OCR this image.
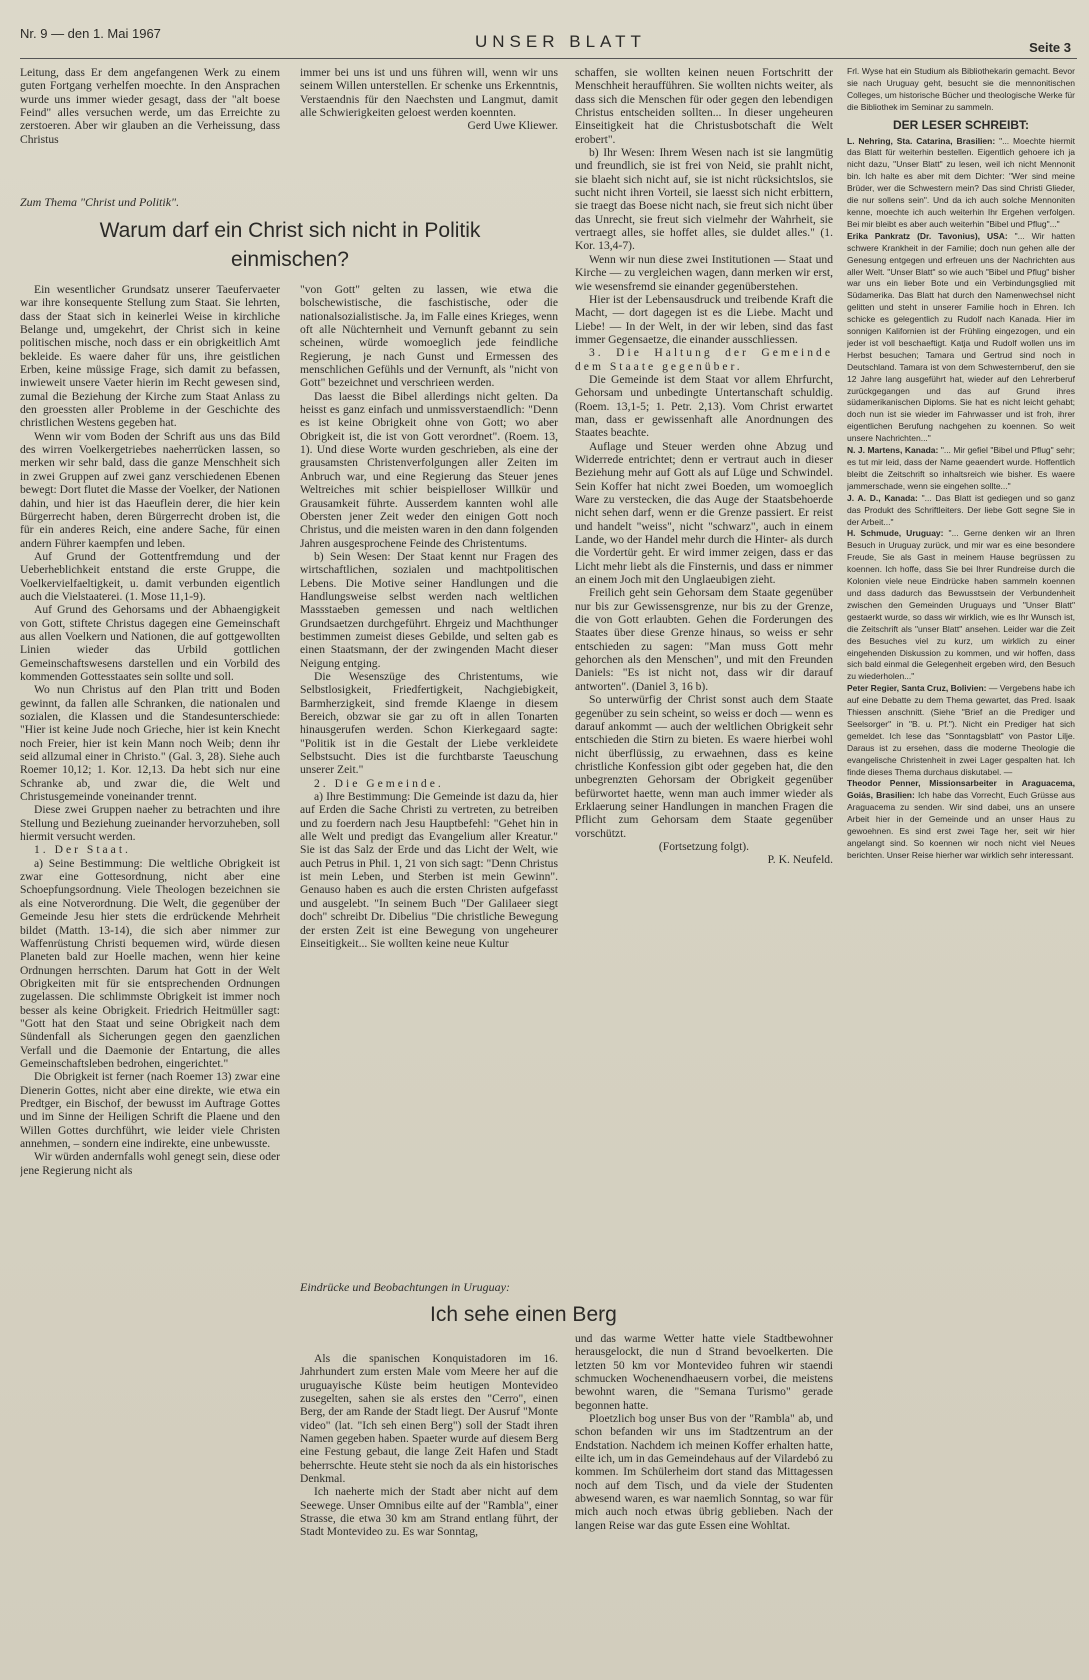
Nr. 9 — den 1. Mai 1967	UNSER BLATT	Seite 3

Leitung, dass Er dem angefangenen Werk zu einem guten Fortgang verhelfen moechte. In den Ansprachen wurde uns immer wieder gesagt, dass der "alt boese Feind" alles versuchen werde, um das Erreichte zu zerstoeren. Aber wir glauben an die Verheissung, dass Christus

immer bei uns ist und uns führen will, wenn wir uns seinem Willen unterstellen. Er schenke uns Erkenntnis, Verstaendnis für den Naechsten und Langmut, damit alle Schwierigkeiten geloest werden koennten.

Gerd Uwe Kliewer.

Zum Thema "Christ und Politik".
Warum darf ein Christ sich nicht in Politik einmischen?

Ein wesentlicher Grundsatz unserer Taeufervaeter war ihre konsequente Stellung zum Staat. Sie lehrten, dass der Staat sich in keinerlei Weise in kirchliche Belange und, umgekehrt, der Christ sich in keine politischen mische, noch dass er ein obrigkeitlich Amt bekleide. Es waere daher für uns, ihre geistlichen Erben, keine müssige Frage, sich damit zu befassen, inwieweit unsere Vaeter hierin im Recht gewesen sind, zumal die Beziehung der Kirche zum Staat Anlass zu den groessten aller Probleme in der Geschichte des christlichen Westens gegeben hat.

Wenn wir vom Boden der Schrift aus uns das Bild des wirren Voelkergetriebes naeherrücken lassen, so merken wir sehr bald, dass die ganze Menschheit sich in zwei Gruppen auf zwei ganz verschiedenen Ebenen bewegt: Dort flutet die Masse der Voelker, der Nationen dahin, und hier ist das Haeuflein derer, die hier kein Bürgerrecht haben, deren Bürgerrecht droben ist, die für ein anderes Reich, eine andere Sache, für einen andern Führer kaempfen und leben.

Auf Grund der Gottentfremdung und der Ueberheblichkeit entstand die erste Gruppe, die Voelkervielfaeltigkeit, u. damit verbunden eigentlich auch die Vielstaaterei. (1. Mose 11,1-9).

Auf Grund des Gehorsams und der Abhaengigkeit von Gott, stiftete Christus dagegen eine Gemeinschaft aus allen Voelkern und Nationen, die auf gottgewollten Linien wieder das Urbild gottlichen Gemeinschaftswesens darstellen und ein Vorbild des kommenden Gottesstaates sein sollte und soll.

Wo nun Christus auf den Plan tritt und Boden gewinnt, da fallen alle Schranken, die nationalen und sozialen, die Klassen und die Standesunterschiede: "Hier ist keine Jude noch Grieche, hier ist kein Knecht noch Freier, hier ist kein Mann noch Weib; denn ihr seid allzumal einer in Christo." (Gal. 3, 28). Siehe auch Roemer 10,12; 1. Kor. 12,13. Da hebt sich nur eine Schranke ab, und zwar die, die Welt und Christusgemeinde voneinander trennt.

Diese zwei Gruppen naeher zu betrachten und ihre Stellung und Beziehung zueinander hervorzuheben, soll hiermit versucht werden.

1. Der Staat.

a) Seine Bestimmung: Die weltliche Obrigkeit ist zwar eine Gottesordnung, nicht aber eine Schoepfungsordnung. Viele Theologen bezeichnen sie als eine Notverordnung. Die Welt, die gegenüber der Gemeinde Jesu hier stets die erdrückende Mehrheit bildet (Matth. 13-14), die sich aber nimmer zur Waffenrüstung Christi bequemen wird, würde diesen Planeten bald zur Hoelle machen, wenn hier keine Ordnungen herrschten. Darum hat Gott in der Welt Obrigkeiten mit für sie entsprechenden Ordnungen zugelassen. Die schlimmste Obrigkeit ist immer noch besser als keine Obrigkeit. Friedrich Heitmüller sagt: "Gott hat den Staat und seine Obrigkeit nach dem Sündenfall als Sicherungen gegen den gaenzlichen Verfall und die Daemonie der Entartung, die alles Gemeinschaftsleben bedrohen, eingerichtet."

Die Obrigkeit ist ferner (nach Roemer 13) zwar eine Dienerin Gottes, nicht aber eine direkte, wie etwa ein Predtger, ein Bischof, der bewusst im Auftrage Gottes und im Sinne der Heiligen Schrift die Plaene und den Willen Gottes durchführt, wie leider viele Christen annehmen, – sondern eine indirekte, eine unbewusste.

Wir würden andernfalls wohl genegt sein, diese oder jene Regierung nicht als

"von Gott" gelten zu lassen, wie etwa die bolschewistische, die faschistische, oder die nationalsozialistische. Ja, im Falle eines Krieges, wenn oft alle Nüchternheit und Vernunft gebannt zu sein scheinen, würde womoeglich jede feindliche Regierung, je nach Gunst und Ermessen des menschlichen Gefühls und der Vernunft, als "nicht von Gott" bezeichnet und verschrieen werden.

Das laesst die Bibel allerdings nicht gelten. Da heisst es ganz einfach und unmissverstaendlich: "Denn es ist keine Obrigkeit ohne von Gott; wo aber Obrigkeit ist, die ist von Gott verordnet". (Roem. 13, 1). Und diese Worte wurden geschrieben, als eine der grausamsten Christenverfolgungen aller Zeiten im Anbruch war, und eine Regierung das Steuer jenes Weltreiches mit schier beispielloser Willkür und Grausamkeit führte. Ausserdem kannten wohl alle Obersten jener Zeit weder den einigen Gott noch Christus, und die meisten waren in den dann folgenden Jahren ausgesprochene Feinde des Christentums.

b) Sein Wesen: Der Staat kennt nur Fragen des wirtschaftlichen, sozialen und machtpolitischen Lebens. Die Motive seiner Handlungen und die Handlungsweise selbst werden nach weltlichen Massstaeben gemessen und nach weltlichen Grundsaetzen durchgeführt. Ehrgeiz und Machthunger bestimmen zumeist dieses Gebilde, und selten gab es einen Staatsmann, der der zwingenden Macht dieser Neigung entging.

Die Wesenszüge des Christentums, wie Selbstlosigkeit, Friedfertigkeit, Nachgiebigkeit, Barmherzigkeit, sind fremde Klaenge in diesem Bereich, obzwar sie gar zu oft in allen Tonarten hinausgerufen werden. Schon Kierkegaard sagte: "Politik ist in die Gestalt der Liebe verkleidete Selbstsucht. Dies ist die furchtbarste Taeuschung unserer Zeit."

2. Die Gemeinde.

a) Ihre Bestimmung: Die Gemeinde ist dazu da, hier auf Erden die Sache Christi zu vertreten, zu betreiben und zu foerdern nach Jesu Hauptbefehl: "Gehet hin in alle Welt und predigt das Evangelium aller Kreatur." Sie ist das Salz der Erde und das Licht der Welt, wie auch Petrus in Phil. 1, 21 von sich sagt: "Denn Christus ist mein Leben, und Sterben ist mein Gewinn". Genauso haben es auch die ersten Christen aufgefasst und ausgelebt. "In seinem Buch "Der Galilaeer siegt doch" schreibt Dr. Dibelius "Die christliche Bewegung der ersten Zeit ist eine Bewegung von ungeheurer Einseitigkeit... Sie wollten keine neue Kultur

schaffen, sie wollten keinen neuen Fortschritt der Menschheit heraufführen. Sie wollten nichts weiter, als dass sich die Menschen für oder gegen den lebendigen Christus entscheiden sollten... In dieser ungeheuren Einseitigkeit hat die Christusbotschaft die Welt erobert".

b) Ihr Wesen: Ihrem Wesen nach ist sie langmütig und freundlich, sie ist frei von Neid, sie prahlt nicht, sie blaeht sich nicht auf, sie ist nicht rücksichtslos, sie sucht nicht ihren Vorteil, sie laesst sich nicht erbittern, sie traegt das Boese nicht nach, sie freut sich nicht über das Unrecht, sie freut sich vielmehr der Wahrheit, sie vertraegt alles, sie hoffet alles, sie duldet alles." (1. Kor. 13,4-7).

Wenn wir nun diese zwei Institutionen — Staat und Kirche — zu vergleichen wagen, dann merken wir erst, wie wesensfremd sie einander gegenüberstehen.

Hier ist der Lebensausdruck und treibende Kraft die Macht, — dort dagegen ist es die Liebe. Macht und Liebe! — In der Welt, in der wir leben, sind das fast immer Gegensaetze, die einander ausschliessen.

3. Die Haltung der Gemeinde dem Staate gegenüber.

Die Gemeinde ist dem Staat vor allem Ehrfurcht, Gehorsam und unbedingte Untertanschaft schuldig. (Roem. 13,1-5; 1. Petr. 2,13). Vom Christ erwartet man, dass er gewissenhaft alle Anordnungen des Staates beachte.

Auflage und Steuer werden ohne Abzug und Widerrede entrichtet; denn er vertraut auch in dieser Beziehung mehr auf Gott als auf Lüge und Schwindel. Sein Koffer hat nicht zwei Boeden, um womoeglich Ware zu verstecken, die das Auge der Staatsbehoerde nicht sehen darf, wenn er die Grenze passiert. Er reist und handelt "weiss", nicht "schwarz", auch in einem Lande, wo der Handel mehr durch die Hinter- als durch die Vordertür geht. Er wird immer zeigen, dass er das Licht mehr liebt als die Finsternis, und dass er nimmer an einem Joch mit den Unglaeubigen zieht.

Freilich geht sein Gehorsam dem Staate gegenüber nur bis zur Gewissensgrenze, nur bis zu der Grenze, die von Gott erlaubten. Gehen die Forderungen des Staates über diese Grenze hinaus, so weiss er sehr entschieden zu sagen: "Man muss Gott mehr gehorchen als den Menschen", und mit den Freunden Daniels: "Es ist nicht not, dass wir dir darauf antworten". (Daniel 3, 16 b).

So unterwürfig der Christ sonst auch dem Staate gegenüber zu sein scheint, so weiss er doch — wenn es darauf ankommt — auch der weltlichen Obrigkeit sehr entschieden die Stirn zu bieten. Es waere hierbei wohl nicht überflüssig, zu erwaehnen, dass es keine christliche Konfession gibt oder gegeben hat, die den unbegrenzten Gehorsam der Obrigkeit gegenüber befürwortet haette, wenn man auch immer wieder als Erklaerung seiner Handlungen in manchen Fragen die Pflicht zum Gehorsam dem Staate gegenüber vorschützt.

(Fortsetzung folgt).

P. K. Neufeld.

Eindrücke und Beobachtungen in Uruguay:
Ich sehe einen Berg

Als die spanischen Konquistadoren im 16. Jahrhundert zum ersten Male vom Meere her auf die uruguayische Küste beim heutigen Montevideo zusegelten, sahen sie als erstes den "Cerro", einen Berg, der am Rande der Stadt liegt. Der Ausruf "Monte video" (lat. "Ich seh einen Berg") soll der Stadt ihren Namen gegeben haben. Spaeter wurde auf diesem Berg eine Festung gebaut, die lange Zeit Hafen und Stadt beherrschte. Heute steht sie noch da als ein historisches Denkmal.

Ich naeherte mich der Stadt aber nicht auf dem Seewege. Unser Omnibus eilte auf der "Rambla", einer Strasse, die etwa 30 km am Strand entlang führt, der Stadt Montevideo zu. Es war Sonntag,

und das warme Wetter hatte viele Stadtbewohner herausgelockt, die nun d Strand bevoelkerten. Die letzten 50 km vor Montevideo fuhren wir staendi schmucken Wochenendhaeusern vorbei, die meistens bewohnt waren, die "Semana Turismo" gerade begonnen hatte.

Ploetzlich bog unser Bus von der "Rambla" ab, und schon befanden wir uns im Stadtzentrum an der Endstation. Nachdem ich meinen Koffer erhalten hatte, eilte ich, um in das Gemeindehaus auf der Vilardebó zu kommen. Im Schülerheim dort stand das Mittagessen noch auf dem Tisch, und da viele der Studenten abwesend waren, es war naemlich Sonntag, so war für mich auch noch etwas übrig geblieben. Nach der langen Reise war das gute Essen eine Wohltat.

Frl. Wyse hat ein Studium als Bibliothekarin gemacht. Bevor sie nach Uruguay geht, besucht sie die mennonitischen Colleges, um historische Bücher und theologische Werke für die Bibliothek im Seminar zu sammeln.

DER LESER SCHREIBT:

L. Nehring, Sta. Catarina, Brasilien: "... Moechte hiermit das Blatt für weiterhin bestellen. Eigentlich gehoere ich ja nicht dazu, "Unser Blatt" zu lesen, weil ich nicht Mennonit bin. Ich halte es aber mit dem Dichter: "Wer sind meine Brüder, wer die Schwestern mein? Das sind Christi Glieder, die nur sollens sein". Und da ich auch solche Mennoniten kenne, moechte ich auch weiterhin Ihr Ergehen verfolgen. Bei mir bleibt es aber auch weiterhin "Bibel und Pflug"..."

Erika Pankratz (Dr. Tavonius), USA: "... Wir hatten schwere Krankheit in der Familie; doch nun gehen alle der Genesung entgegen und erfreuen uns der Nachrichten aus aller Welt. "Unser Blatt" so wie auch "Bibel und Pflug" bisher war uns ein lieber Bote und ein Verbindungsglied mit Südamerika. Das Blatt hat durch den Namenwechsel nicht gelitten und steht in unserer Familie hoch in Ehren. Ich schicke es gelegentlich zu Rudolf nach Kanada. Hier im sonnigen Kalifornien ist der Frühling eingezogen, und ein jeder ist voll beschaeftigt. Katja und Rudolf wollen uns im Herbst besuchen; Tamara und Gertrud sind noch in Deutschland. Tamara ist von dem Schwesternberuf, den sie 12 Jahre lang ausgeführt hat, wieder auf den Lehrerberuf zurückgegangen und das auf Grund ihres südamerikanischen Diploms. Sie hat es nicht leicht gehabt; doch nun ist sie wieder im Fahrwasser und ist froh, ihrer eigentlichen Berufung nachgehen zu koennen. So weit unsere Nachrichten..."

N. J. Martens, Kanada: "... Mir gefiel "Bibel und Pflug" sehr; es tut mir leid, dass der Name geaendert wurde. Hoffentlich bleibt die Zeitschrift so inhaltsreich wie bisher. Es waere jammerschade, wenn sie eingehen sollte..."

J. A. D., Kanada: "... Das Blatt ist gediegen und so ganz das Produkt des Schriftleiters. Der liebe Gott segne Sie in der Arbeit..."

H. Schmude, Uruguay: "... Gerne denken wir an Ihren Besuch in Uruguay zurück, und mir war es eine besondere Freude, Sie als Gast in meinem Hause begrüssen zu koennen. Ich hoffe, dass Sie bei Ihrer Rundreise durch die Kolonien viele neue Eindrücke haben sammeln koennen und dass dadurch das Bewusstsein der Verbundenheit zwischen den Gemeinden Uruguays und "Unser Blatt" gestaerkt wurde, so dass wir wirklich, wie es Ihr Wunsch ist, die Zeitschrift als "unser Blatt" ansehen. Leider war die Zeit des Besuches viel zu kurz, um wirklich zu einer eingehenden Diskussion zu kommen, und wir hoffen, dass sich bald einmal die Gelegenheit ergeben wird, den Besuch zu wiederholen..."

Peter Regier, Santa Cruz, Bolivien: — Vergebens habe ich auf eine Debatte zu dem Thema gewartet, das Pred. Isaak Thiessen anschnitt. (Siehe "Brief an die Prediger und Seelsorger" in "B. u. Pf."). Nicht ein Prediger hat sich gemeldet. Ich lese das "Sonntagsblatt" von Pastor Lilje. Daraus ist zu ersehen, dass die moderne Theologie die evangelische Christenheit in zwei Lager gespalten hat. Ich finde dieses Thema durchaus diskutabel. —

Theodor Penner, Missionsarbeiter in Araguacema, Goiás, Brasilien: Ich habe das Vorrecht, Euch Grüsse aus Araguacema zu senden. Wir sind dabei, uns an unsere Arbeit hier in der Gemeinde und an unser Haus zu gewoehnen. Es sind erst zwei Tage her, seit wir hier angelangt sind. So koennen wir noch nicht viel Neues berichten. Unser Reise hierher war wirklich sehr interessant.
